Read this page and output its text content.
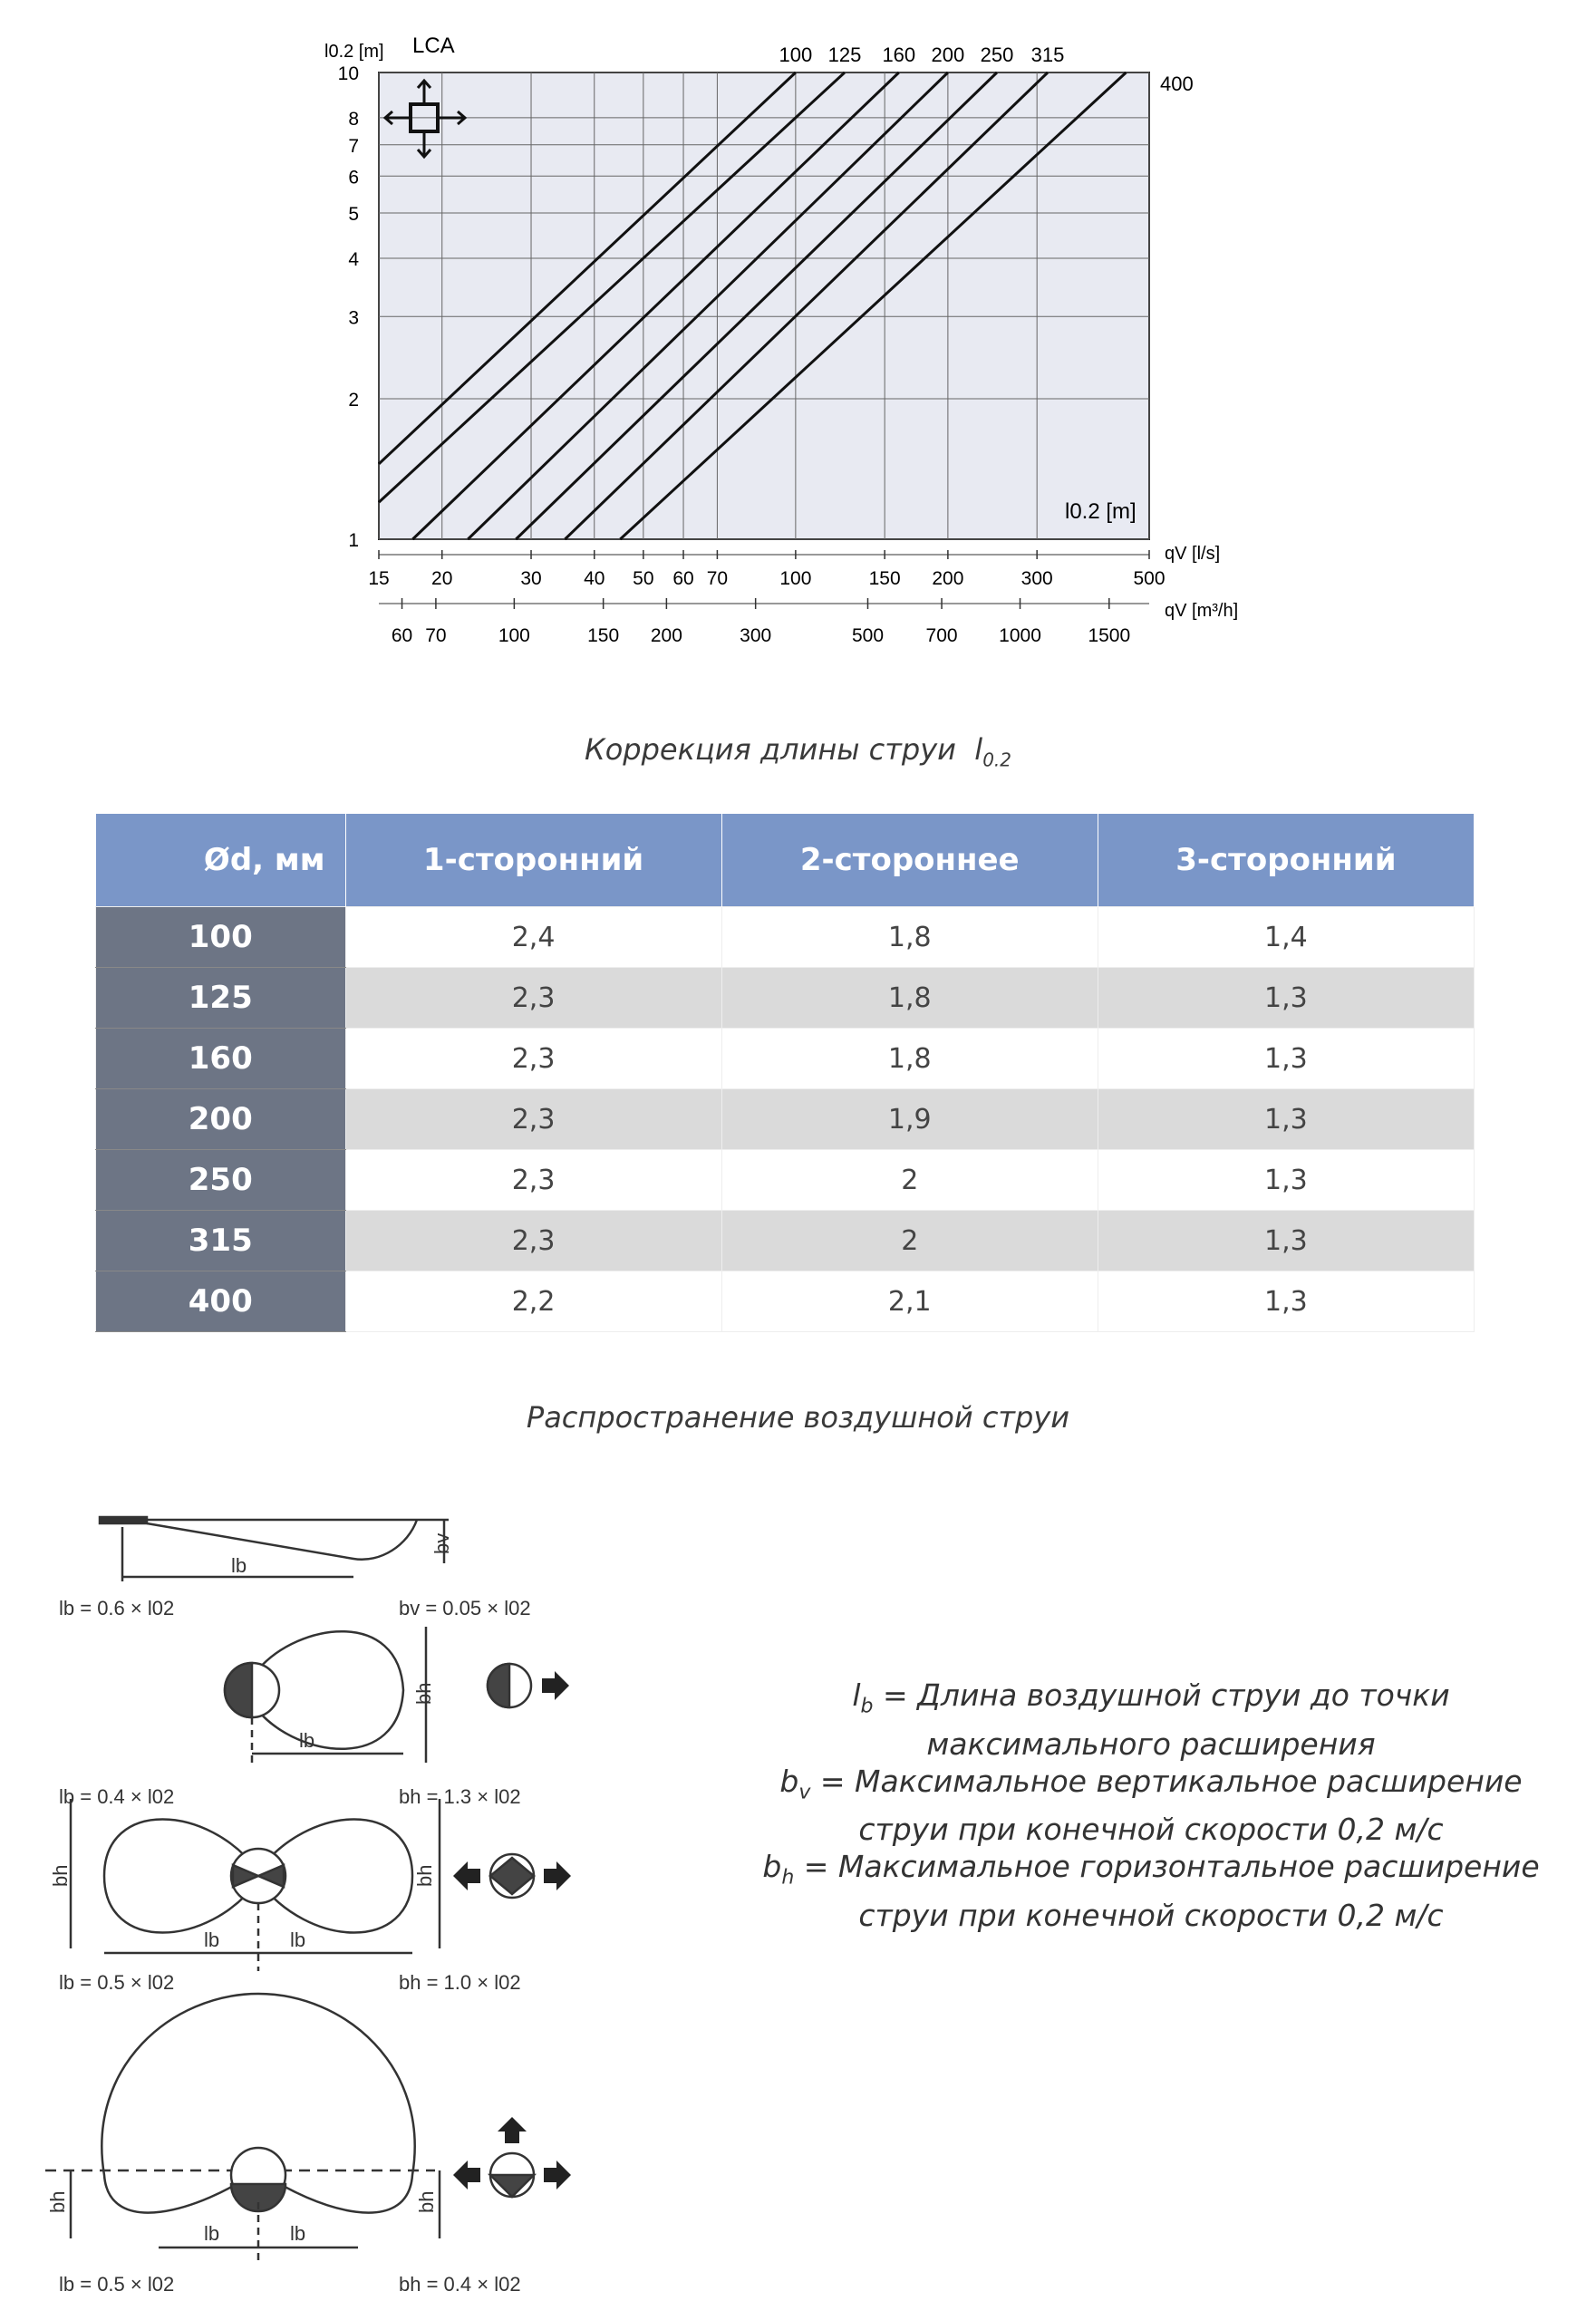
1
2
3
4
5
6
7
8
10
15 20	30 40 50 60 70	100	150 200	300	500
60 70	100	150 200	300	500 700 1000 1500
100 125 160 200 250 315
400
LCA
l0.2 [m]
l0.2 [m]
qV [l/s]
qV [m³/h]
Коррекция длины струи $l_{0.2}$
Ød, мм	1-сторонний	2-стороннее	3-сторонний
100	2,4	1,8	1,4
125	2,3	1,8	1,3
160	2,3	1,8	1,3
200	2,3	1,9	1,3
250	2,3	2	1,3
315	2,3	2	1,3
400	2,2	2,1	1,3
Распространение воздушной струи
lb
bv
lb = 0.6 × l02	bv = 0.05 × l02
lb
bh
lb = 0.4 × l02	bh = 1.3 × l02
lb	lb
bh	bh
lb = 0.5 × l02	bh = 1.0 × l02
lb	lb
bh	bh
lb = 0.5 × l02	bh = 0.4 × l02
$l_b$ = Длина воздушной струи до точки
максимального расширения
$b_v$ = Максимальное вертикальное расширение
струи при конечной скорости 0,2 м/с
$b_h$ = Максимальное горизонтальное расширение
струи при конечной скорости 0,2 м/с
